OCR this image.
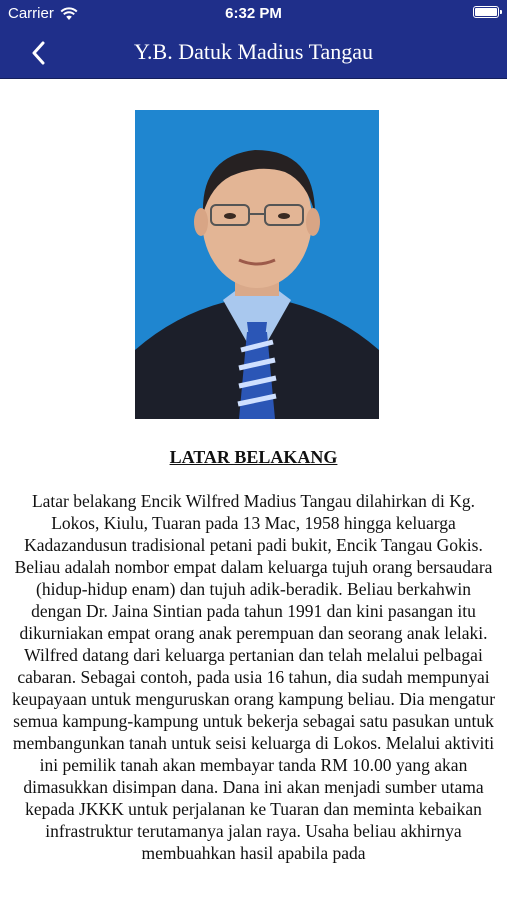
Carrier	6:32 PM
Y.B. Datuk Madius Tangau
LATAR BELAKANG

Latar belakang Encik Wilfred Madius Tangau dilahirkan di Kg. Lokos, Kiulu, Tuaran pada 13 Mac, 1958 hingga keluarga Kadazandusun tradisional petani padi bukit, Encik Tangau Gokis. Beliau adalah nombor empat dalam keluarga tujuh orang bersaudara (hidup-hidup enam) dan tujuh adik-beradik. Beliau berkahwin dengan Dr. Jaina Sintian pada tahun 1991 dan kini pasangan itu dikurniakan empat orang anak perempuan dan seorang anak lelaki.

Wilfred datang dari keluarga pertanian dan telah melalui pelbagai cabaran. Sebagai contoh, pada usia 16 tahun, dia sudah mempunyai keupayaan untuk menguruskan orang kampung beliau. Dia mengatur semua kampung-kampung untuk bekerja sebagai satu pasukan untuk membangunkan tanah untuk seisi keluarga di Lokos. Melalui aktiviti ini pemilik tanah akan membayar tanda RM 10.00 yang akan dimasukkan disimpan dana. Dana ini akan menjadi sumber utama kepada JKKK untuk perjalanan ke Tuaran dan meminta kebaikan infrastruktur terutamanya jalan raya. Usaha beliau akhirnya membuahkan hasil apabila pada
